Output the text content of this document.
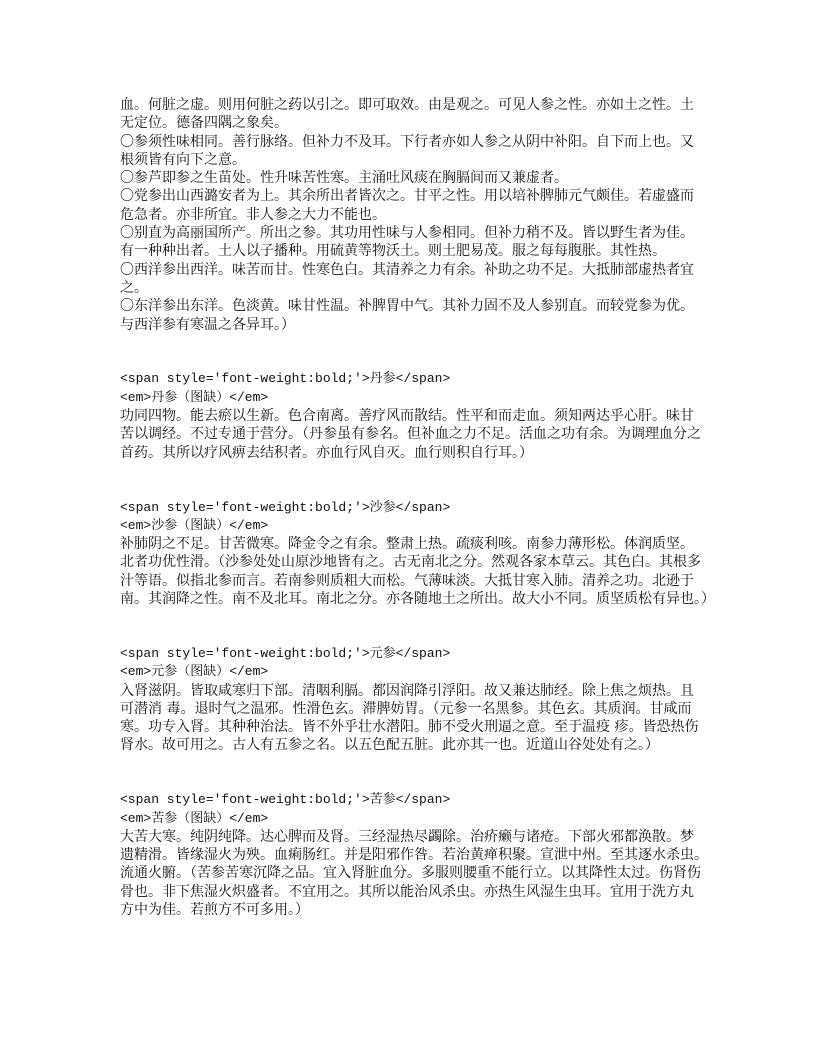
血。何脏之虚。则用何脏之药以引之。即可取效。由是观之。可见人参之性。亦如土之性。土
无定位。德备四隅之象矣。
〇参须性味相同。善行脉络。但补力不及耳。下行者亦如人参之从阴中补阳。自下而上也。又
根须皆有向下之意。
〇参芦即参之生苗处。性升味苦性寒。主涌吐风痰在胸膈间而又兼虚者。
〇党参出山西潞安者为上。其余所出者皆次之。甘平之性。用以培补脾肺元气颇佳。若虚盛而
危急者。亦非所宜。非人参之大力不能也。
〇别直为高丽国所产。所出之参。其功用性味与人参相同。但补力稍不及。皆以野生者为佳。
有一种种出者。土人以子播种。用硫黄等物沃土。则土肥易茂。服之每每腹胀。其性热。
〇西洋参出西洋。味苦而甘。性寒色白。其清养之力有余。补助之功不足。大抵肺部虚热者宜
之。
〇东洋参出东洋。色淡黄。味甘性温。补脾胃中气。其补力固不及人参别直。而较党参为优。
与西洋参有寒温之各异耳。）
<span style='font-weight:bold;'>丹参</span>
<em>丹参（图缺）</em>
功同四物。能去瘀以生新。色合南离。善疗风而散结。性平和而走血。须知两达乎心肝。味甘
苦以调经。不过专通于营分。（丹参虽有参名。但补血之力不足。活血之功有余。为调理血分之
首药。其所以疗风痹去结积者。亦血行风自灭。血行则积自行耳。）
<span style='font-weight:bold;'>沙参</span>
<em>沙参（图缺）</em>
补肺阴之不足。甘苦微寒。降金令之有余。整肃上热。疏痰利咳。南参力薄形松。体润质坚。
北者功优性滑。（沙参处处山原沙地皆有之。古无南北之分。然观各家本草云。其色白。其根多
汁等语。似指北参而言。若南参则质粗大而松。气薄味淡。大抵甘寒入肺。清养之功。北逊于
南。其润降之性。南不及北耳。南北之分。亦各随地土之所出。故大小不同。质坚质松有异也。）
<span style='font-weight:bold;'>元参</span>
<em>元参（图缺）</em>
入肾滋阴。皆取咸寒归下部。清咽利膈。都因润降引浮阳。故又兼达肺经。除上焦之烦热。且
可潜消 毒。退时气之温邪。性滑色玄。滞脾妨胃。（元参一名黑参。其色玄。其质润。甘咸而
寒。功专入肾。其种种治法。皆不外乎壮水潜阳。肺不受火刑逼之意。至于温疫 疹。皆恐热伤
肾水。故可用之。古人有五参之名。以五色配五脏。此亦其一也。近道山谷处处有之。）
<span style='font-weight:bold;'>苦参</span>
<em>苦参（图缺）</em>
大苦大寒。纯阴纯降。达心脾而及肾。三经湿热尽蠲除。治疥癞与诸疮。下部火邪都涣散。梦
遗精滑。皆缘湿火为殃。血痢肠红。并是阳邪作咎。若治黄瘅积聚。宣泄中州。至其逐水杀虫。
流通火腑。（苦参苦寒沉降之品。宜入肾脏血分。多服则腰重不能行立。以其降性太过。伤肾伤
骨也。非下焦湿火炽盛者。不宜用之。其所以能治风杀虫。亦热生风湿生虫耳。宜用于洗方丸
方中为佳。若煎方不可多用。）
